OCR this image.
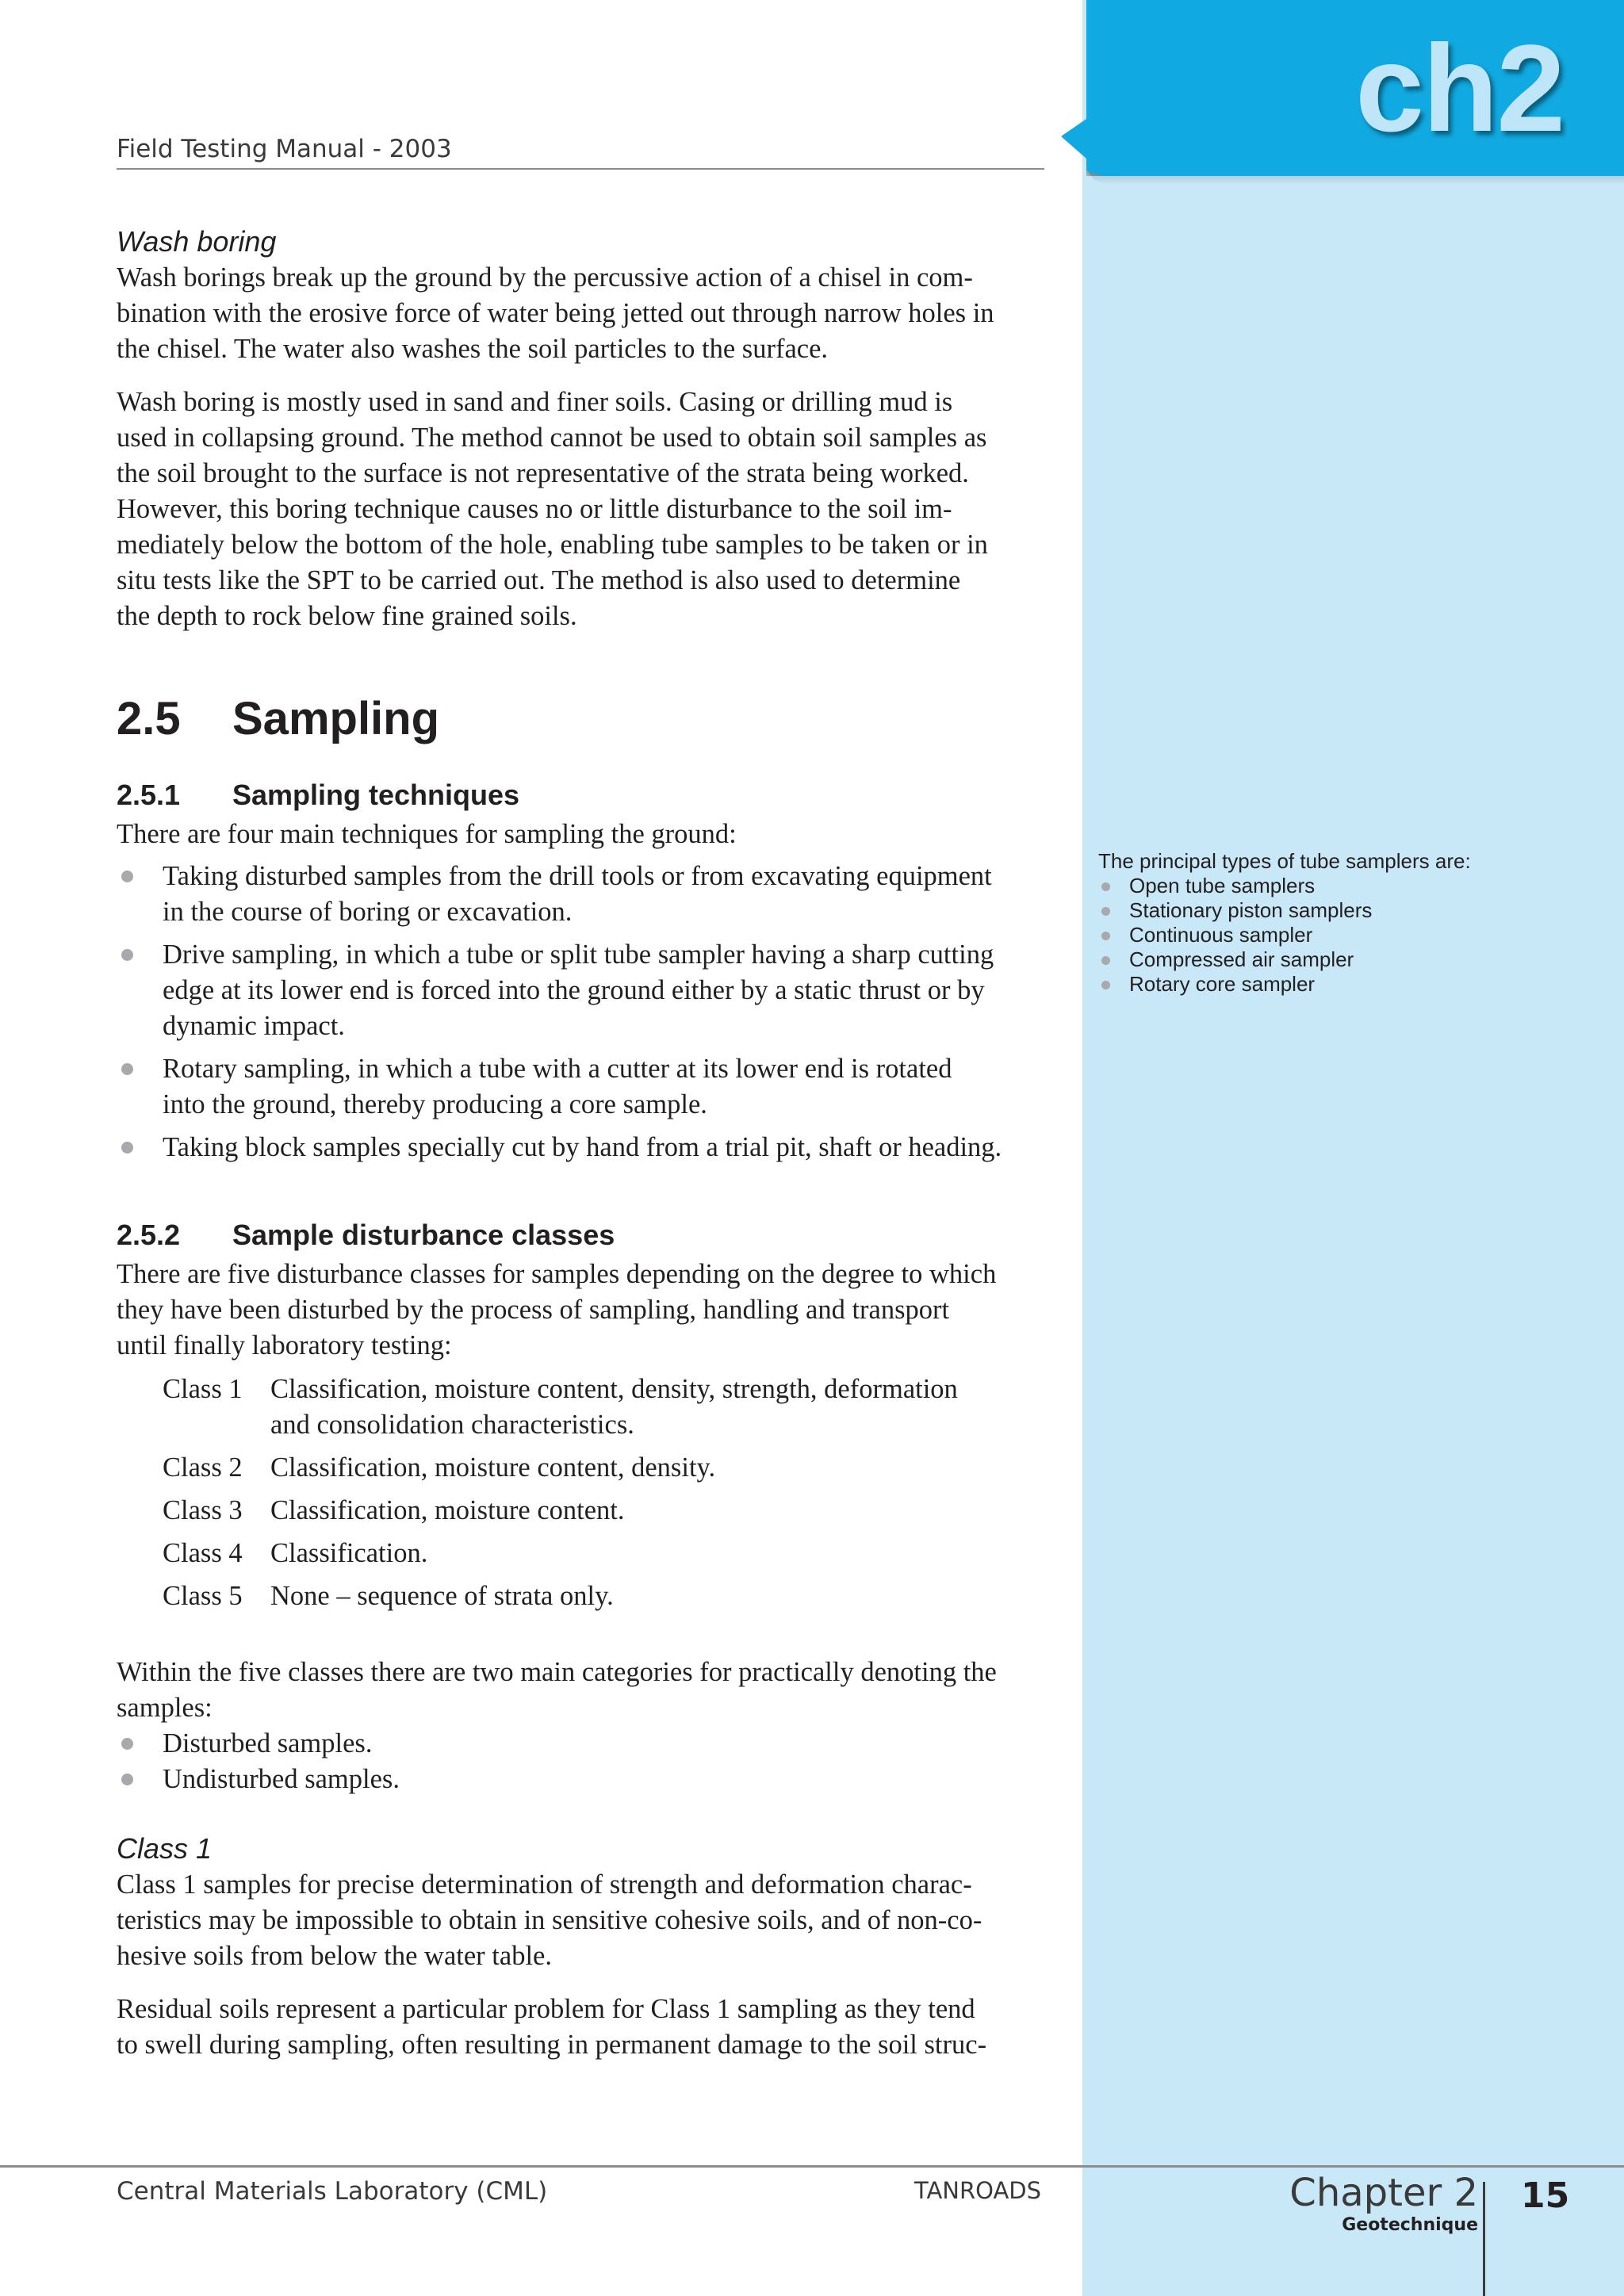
ch2
Field Testing Manual - 2003
Wash boring

Wash borings break up the ground by the percussive action of a chisel in com-
bination with the erosive force of water being jetted out through narrow holes in
the chisel. The water also washes the soil particles to the surface.

Wash boring is mostly used in sand and finer soils. Casing or drilling mud is
used in collapsing ground. The method cannot be used to obtain soil samples as
the soil brought to the surface is not representative of the strata being worked.
However, this boring technique causes no or little disturbance to the soil im-
mediately below the bottom of the hole, enabling tube samples to be taken or in
situ tests like the SPT to be carried out. The method is also used to determine
the depth to rock below fine grained soils.

2.5	Sampling
2.5.1	Sampling techniques

There are four main techniques for sampling the ground:

Taking disturbed samples from the drill tools or from excavating equipment
in the course of boring or excavation.
Drive sampling, in which a tube or split tube sampler having a sharp cutting
edge at its lower end is forced into the ground either by a static thrust or by
dynamic impact.
Rotary sampling, in which a tube with a cutter at its lower end is rotated
into the ground, thereby producing a core sample.
Taking block samples specially cut by hand from a trial pit, shaft or heading.
2.5.2	Sample disturbance classes

There are five disturbance classes for samples depending on the degree to which
they have been disturbed by the process of sampling, handling and transport
until finally laboratory testing:

Class 1	Classification, moisture content, density, strength, deformation
and consolidation characteristics.
Class 2	Classification, moisture content, density.
Class 3	Classification, moisture content.
Class 4	Classification.
Class 5	None – sequence of strata only.

Within the five classes there are two main categories for practically denoting the
samples:

Disturbed samples.
Undisturbed samples.
Class 1

Class 1 samples for precise determination of strength and deformation charac-
teristics may be impossible to obtain in sensitive cohesive soils, and of non-co-
hesive soils from below the water table.

Residual soils represent a particular problem for Class 1 sampling as they tend
to swell during sampling, often resulting in permanent damage to the soil struc-

The principal types of tube samplers are:
Open tube samplers
Stationary piston samplers
Continuous sampler
Compressed air sampler
Rotary core sampler
Central Materials Laboratory (CML)	TANROADS	Chapter 2
Geotechnique
15
